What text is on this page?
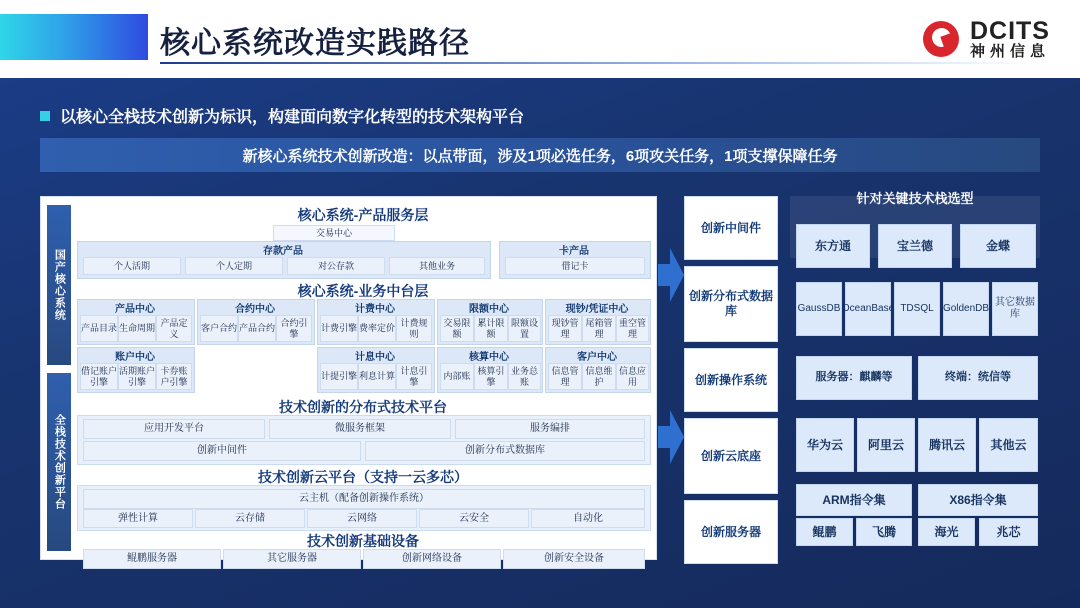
核心系统改造实践路径	DCITS
神州信息
以核心全栈技术创新为标识，构建面向数字化转型的技术架构平台
新核心系统技术创新改造：以点带面，涉及1项必选任务，6项攻关任务，1项支撑保障任务
国产核心系统
全栈技术创新平台
核心系统-产品服务层
交易中心
存款产品
个人活期	个人定期	对公存款	其他业务
卡产品
借记卡
核心系统-业务中台层
产品中心
产品目录 生命周期
产品定义
合约中心
客户合约 产品合约
合约引擎
限额中心
交易限额
累计限额
限额设置
现钞/凭证中心
现钞管理
尾箱管理
重空管理
计费中心
计费引擎 费率定价
计费规则
账户中心
借记账户引擎
活期账户引擎
卡券账户引擎
计息中心
计提引擎 利息计算
计息引擎
核算中心
内部账
核算引擎
业务总账
客户中心
信息管理
信息维护
信息应用
技术创新的分布式技术平台
应用开发平台	微服务框架	服务编排
创新中间件	创新分布式数据库
技术创新云平台（支持一云多芯）
云主机（配备创新操作系统）
弹性计算	云存储	云网络	云安全	自动化
技术创新基础设备
鲲鹏服务器	其它服务器	创新网络设备	创新安全设备
创新中间件
创新分布式数据库
创新操作系统
创新云底座
创新服务器
针对关键技术栈选型
东方通	宝兰德	金蝶
GaussDB OceanBase TDSQL GoldenDB
其它数据库
服务器：麒麟等	终端：统信等
华为云	阿里云	腾讯云	其他云
ARM指令集	X86指令集
鲲鹏	飞腾	海光	兆芯
